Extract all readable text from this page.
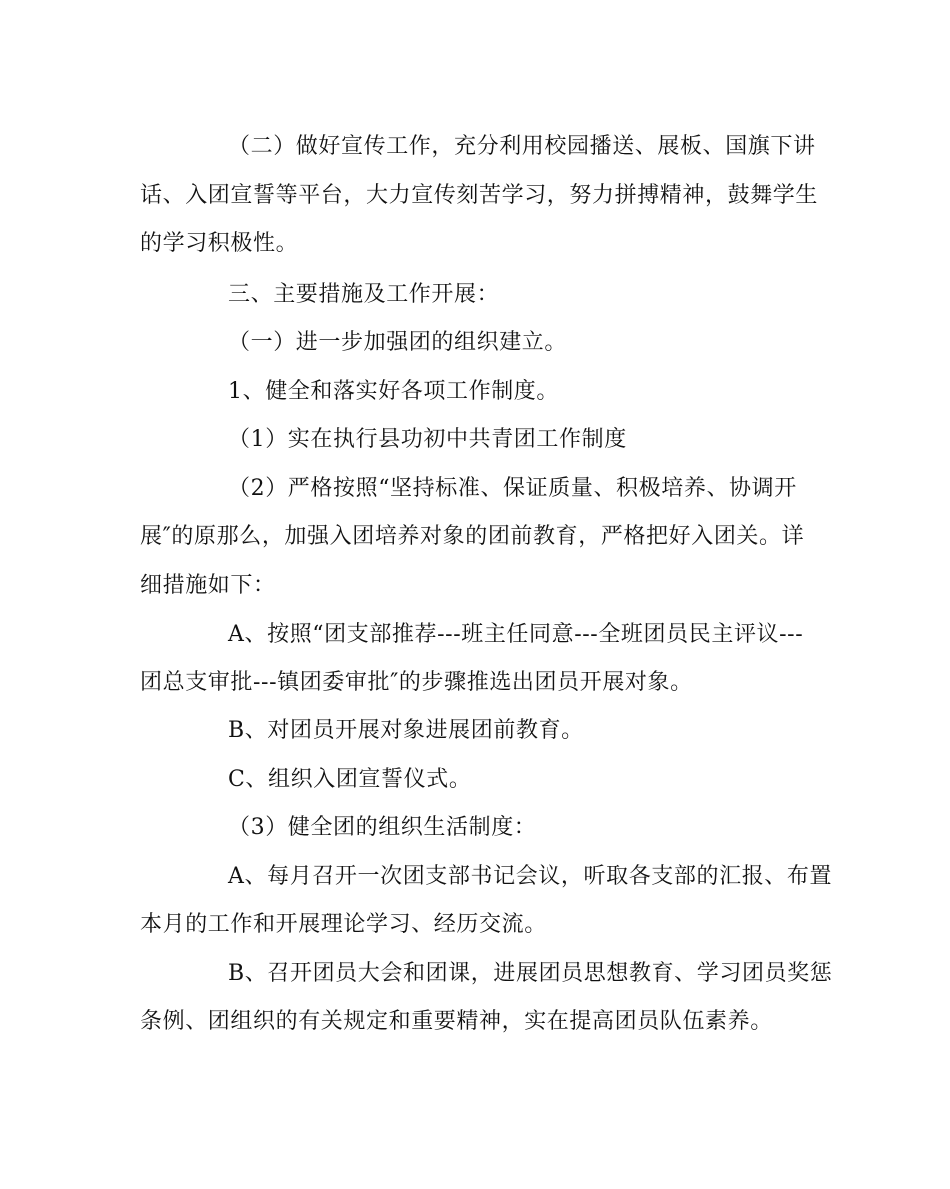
（二）做好宣传工作，充分利用校园播送、展板、国旗下讲
话、入团宣誓等平台，大力宣传刻苦学习，努力拼搏精神，鼓舞学生
的学习积极性。
三、主要措施及工作开展：
（一）进一步加强团的组织建立。
1、健全和落实好各项工作制度。
（1）实在执行县功初中共青团工作制度
（2）严格按照“坚持标准、保证质量、积极培养、协调开
展″的原那么，加强入团培养对象的团前教育，严格把好入团关。详
细措施如下：
A、按照“团支部推荐---班主任同意---全班团员民主评议---
团总支审批---镇团委审批″的步骤推选出团员开展对象。
B、对团员开展对象进展团前教育。
C、组织入团宣誓仪式。
（3）健全团的组织生活制度：
A、每月召开一次团支部书记会议，听取各支部的汇报、布置
本月的工作和开展理论学习、经历交流。
B、召开团员大会和团课，进展团员思想教育、学习团员奖惩
条例、团组织的有关规定和重要精神，实在提高团员队伍素养。
